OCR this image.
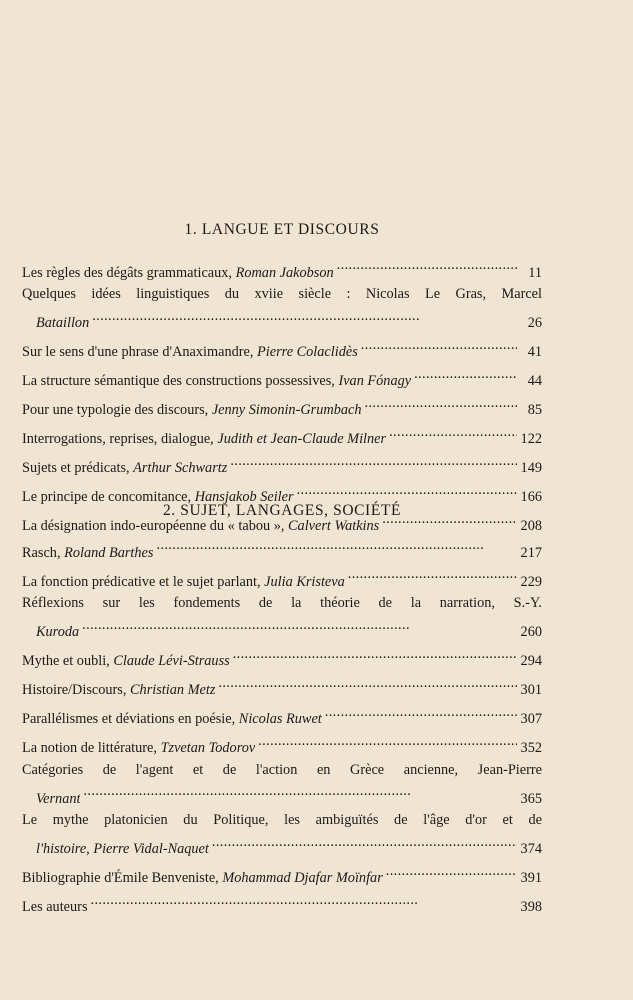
1. LANGUE ET DISCOURS
Les règles des dégâts grammaticaux, Roman Jakobson . . .	11
Quelques idées linguistiques du xviie siècle : Nicolas Le Gras, Marcel
Bataillon . . .	26
Sur le sens d'une phrase d'Anaximandre, Pierre Colaclidès . . .	41
La structure sémantique des constructions possessives, Ivan Fónagy . . .	44
Pour une typologie des discours, Jenny Simonin-Grumbach . . .	85
Interrogations, reprises, dialogue, Judith et Jean-Claude Milner . . .	122
Sujets et prédicats, Arthur Schwartz . . .	149
Le principe de concomitance, Hansjakob Seiler . . .	166
La désignation indo-européenne du « tabou », Calvert Watkins . . .	208
2. SUJET, LANGAGES, SOCIÉTÉ
Rasch, Roland Barthes . . .	217
La fonction prédicative et le sujet parlant, Julia Kristeva . . .	229
Réflexions sur les fondements de la théorie de la narration, S.-Y.
Kuroda . . .	260
Mythe et oubli, Claude Lévi-Strauss . . .	294
Histoire/Discours, Christian Metz . . .	301
Parallélismes et déviations en poésie, Nicolas Ruwet . . .	307
La notion de littérature, Tzvetan Todorov . . .	352
Catégories de l'agent et de l'action en Grèce ancienne, Jean-Pierre
Vernant . . .	365
Le mythe platonicien du Politique, les ambiguïtés de l'âge d'or et de
l'histoire, Pierre Vidal-Naquet . . .	374
Bibliographie d'Émile Benveniste, Mohammad Djafar Moïnfar . . .	391
Les auteurs . . .	398
